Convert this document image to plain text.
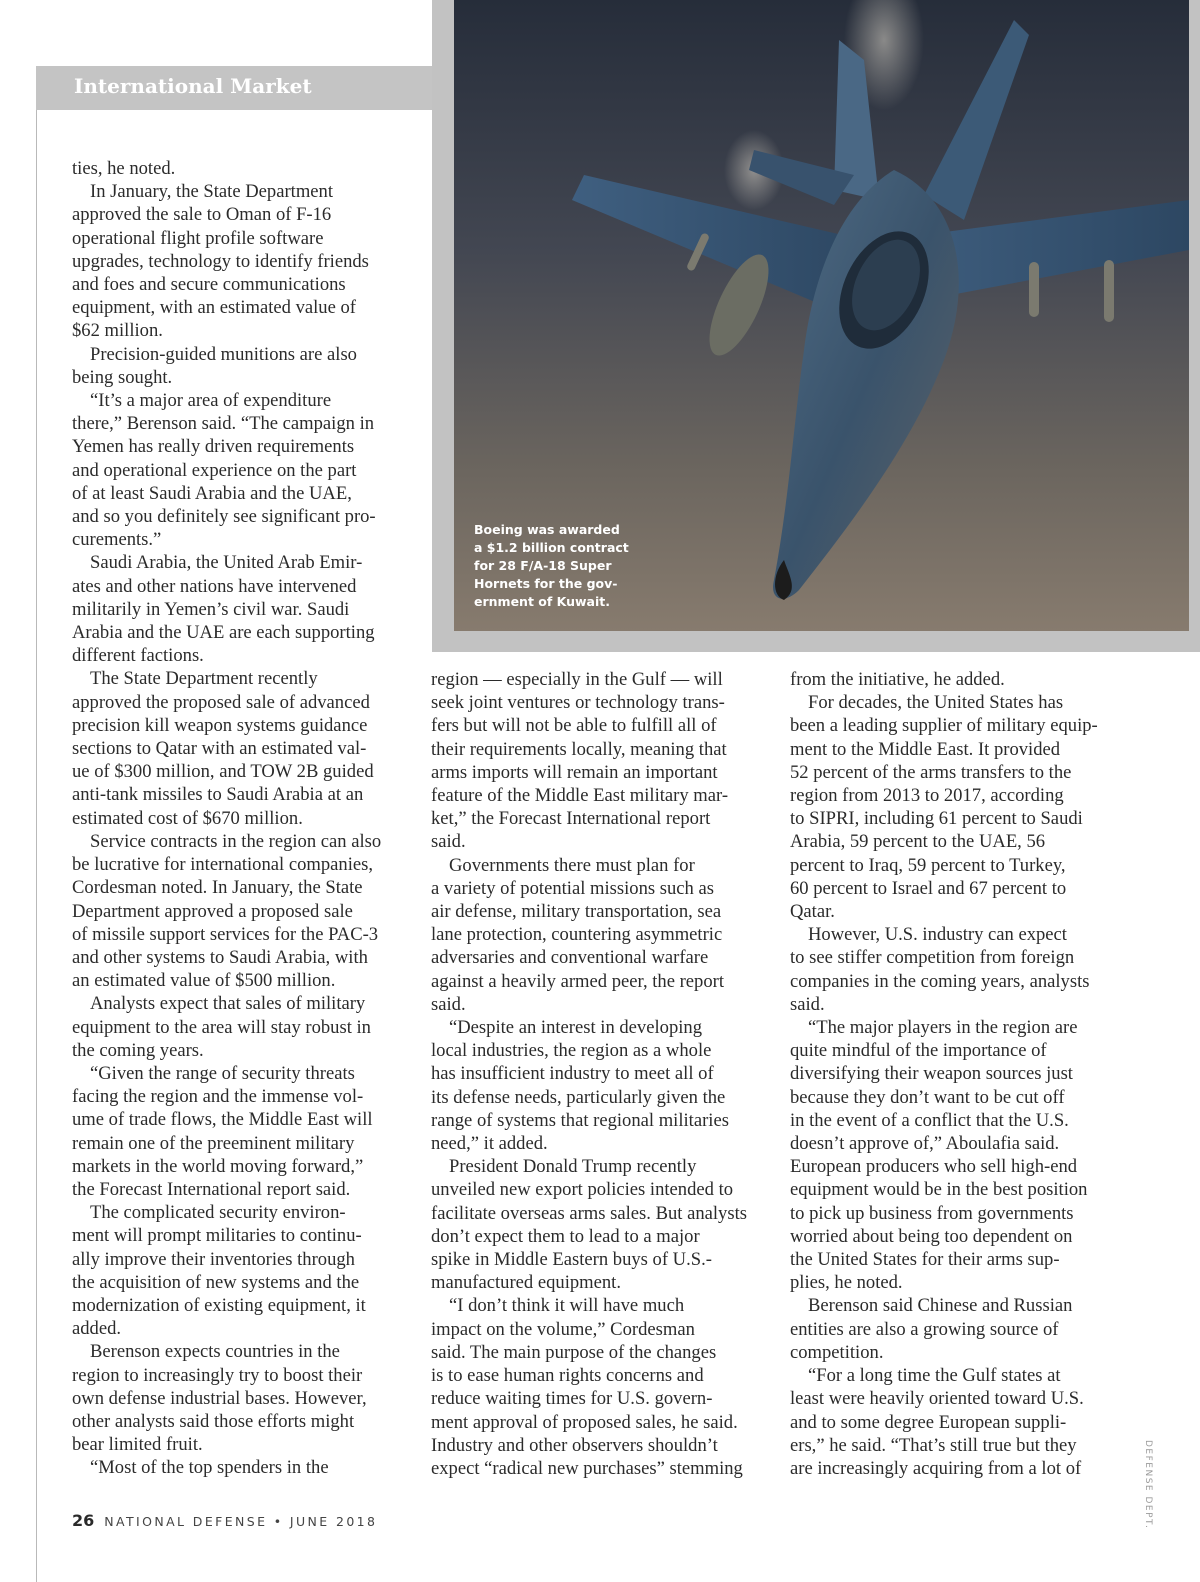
International Market
Boeing was awarded
a $1.2 billion contract
for 28 F/A-18 Super
Hornets for the gov-
ernment of Kuwait.

ties, he noted.

In January, the State Department
approved the sale to Oman of F-16
operational flight profile software
upgrades, technology to identify friends
and foes and secure communications
equipment, with an estimated value of
$62 million.

Precision-guided munitions are also
being sought.

“It’s a major area of expenditure
there,” Berenson said. “The campaign in
Yemen has really driven requirements
and operational experience on the part
of at least Saudi Arabia and the UAE,
and so you definitely see significant pro-
curements.”

Saudi Arabia, the United Arab Emir-
ates and other nations have intervened
militarily in Yemen’s civil war. Saudi
Arabia and the UAE are each supporting
different factions.

The State Department recently
approved the proposed sale of advanced
precision kill weapon systems guidance
sections to Qatar with an estimated val-
ue of $300 million, and TOW 2B guided
anti-tank missiles to Saudi Arabia at an
estimated cost of $670 million.

Service contracts in the region can also
be lucrative for international companies,
Cordesman noted. In January, the State
Department approved a proposed sale
of missile support services for the PAC-3
and other systems to Saudi Arabia, with
an estimated value of $500 million.

Analysts expect that sales of military
equipment to the area will stay robust in
the coming years.

“Given the range of security threats
facing the region and the immense vol-
ume of trade flows, the Middle East will
remain one of the preeminent military
markets in the world moving forward,”
the Forecast International report said.

The complicated security environ-
ment will prompt militaries to continu-
ally improve their inventories through
the acquisition of new systems and the
modernization of existing equipment, it
added.

Berenson expects countries in the
region to increasingly try to boost their
own defense industrial bases. However,
other analysts said those efforts might
bear limited fruit.

“Most of the top spenders in the

region — especially in the Gulf — will
seek joint ventures or technology trans-
fers but will not be able to fulfill all of
their requirements locally, meaning that
arms imports will remain an important
feature of the Middle East military mar-
ket,” the Forecast International report
said.

Governments there must plan for
a variety of potential missions such as
air defense, military transportation, sea
lane protection, countering asymmetric
adversaries and conventional warfare
against a heavily armed peer, the report
said.

“Despite an interest in developing
local industries, the region as a whole
has insufficient industry to meet all of
its defense needs, particularly given the
range of systems that regional militaries
need,” it added.

President Donald Trump recently
unveiled new export policies intended to
facilitate overseas arms sales. But analysts
don’t expect them to lead to a major
spike in Middle Eastern buys of U.S.-
manufactured equipment.

“I don’t think it will have much
impact on the volume,” Cordesman
said. The main purpose of the changes
is to ease human rights concerns and
reduce waiting times for U.S. govern-
ment approval of proposed sales, he said.
Industry and other observers shouldn’t
expect “radical new purchases” stemming

from the initiative, he added.

For decades, the United States has
been a leading supplier of military equip-
ment to the Middle East. It provided
52 percent of the arms transfers to the
region from 2013 to 2017, according
to SIPRI, including 61 percent to Saudi
Arabia, 59 percent to the UAE, 56
percent to Iraq, 59 percent to Turkey,
60 percent to Israel and 67 percent to
Qatar.

However, U.S. industry can expect
to see stiffer competition from foreign
companies in the coming years, analysts
said.

“The major players in the region are
quite mindful of the importance of
diversifying their weapon sources just
because they don’t want to be cut off
in the event of a conflict that the U.S.
doesn’t approve of,” Aboulafia said.
European producers who sell high-end
equipment would be in the best position
to pick up business from governments
worried about being too dependent on
the United States for their arms sup-
plies, he noted.

Berenson said Chinese and Russian
entities are also a growing source of
competition.

“For a long time the Gulf states at
least were heavily oriented toward U.S.
and to some degree European suppli-
ers,” he said. “That’s still true but they
are increasingly acquiring from a lot of	DEFENSE DEPT.
26 NATIONAL DEFENSE • JUNE 2018
